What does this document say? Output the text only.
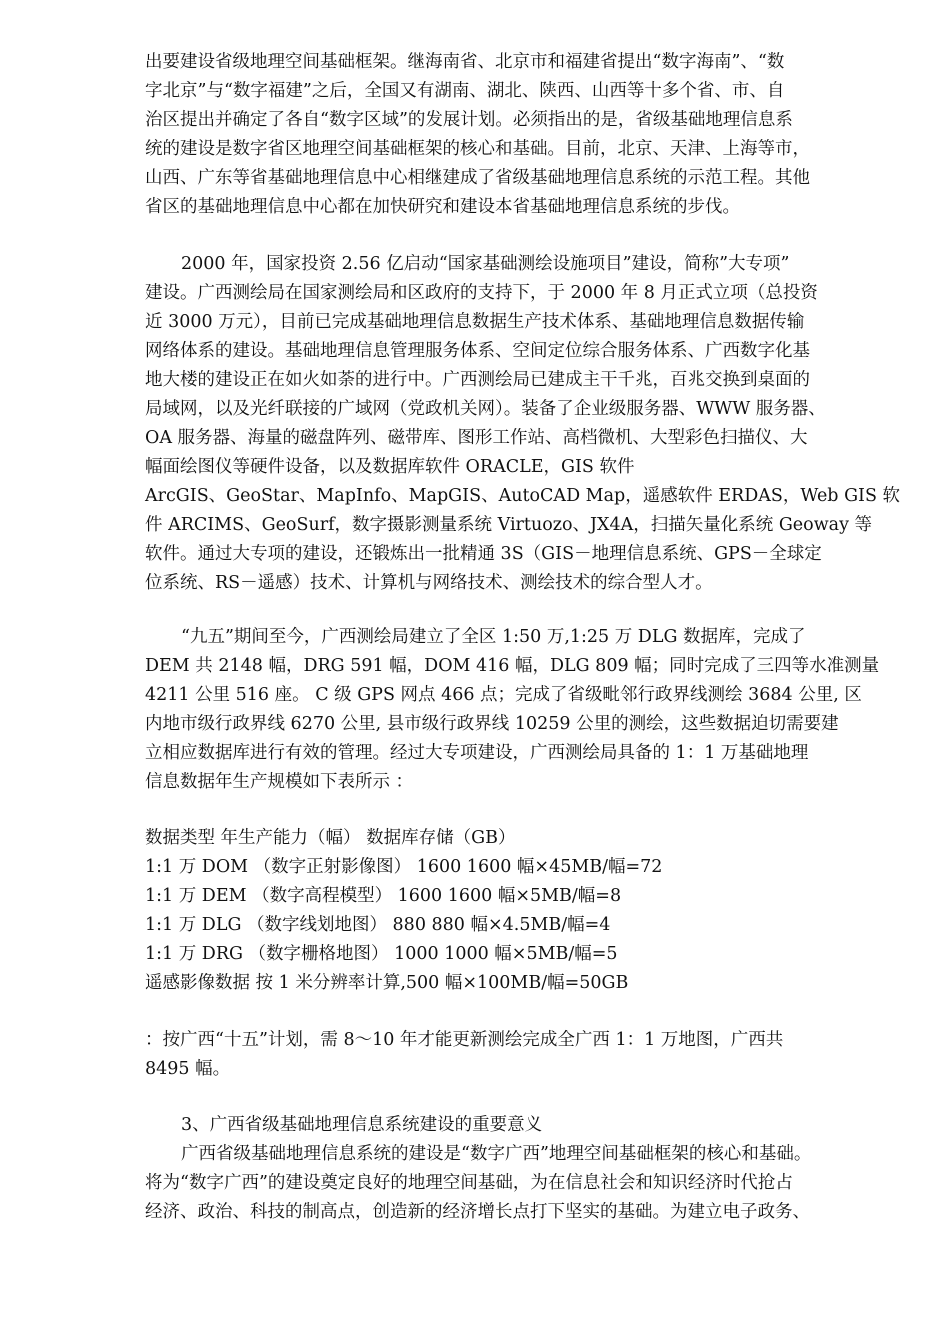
出要建设省级地理空间基础框架。继海南省、北京市和福建省提出“数字海南”、“数
字北京”与“数字福建”之后，全国又有湖南、湖北、陕西、山西等十多个省、市、自
治区提出并确定了各自“数字区域”的发展计划。必须指出的是，省级基础地理信息系
统的建设是数字省区地理空间基础框架的核心和基础。目前，北京、天津、上海等市，
山西、广东等省基础地理信息中心相继建成了省级基础地理信息系统的示范工程。其他
省区的基础地理信息中心都在加快研究和建设本省基础地理信息系统的步伐。
2000 年，国家投资 2.56 亿启动“国家基础测绘设施项目”建设，简称”大专项”
建设。广西测绘局在国家测绘局和区政府的支持下，于 2000 年 8 月正式立项（总投资
近 3000 万元），目前已完成基础地理信息数据生产技术体系、基础地理信息数据传输
网络体系的建设。基础地理信息管理服务体系、空间定位综合服务体系、广西数字化基
地大楼的建设正在如火如荼的进行中。广西测绘局已建成主干千兆，百兆交换到桌面的
局域网，以及光纤联接的广域网（党政机关网）。装备了企业级服务器、WWW 服务器、
OA 服务器、海量的磁盘阵列、磁带库、图形工作站、高档微机、大型彩色扫描仪、大
幅面绘图仪等硬件设备，以及数据库软件 ORACLE，GIS 软件
ArcGIS、GeoStar、MapInfo、MapGIS、AutoCAD Map，遥感软件 ERDAS，Web GIS 软
件 ARCIMS、GeoSurf，数字摄影测量系统 Virtuozo、JX4A，扫描矢量化系统 Geoway 等
软件。通过大专项的建设，还锻炼出一批精通 3S（GIS－地理信息系统、GPS－全球定
位系统、RS－遥感）技术、计算机与网络技术、测绘技术的综合型人才。
“九五”期间至今，广西测绘局建立了全区 1:50 万,1:25 万 DLG 数据库，完成了
DEM 共 2148 幅，DRG 591 幅，DOM 416 幅，DLG 809 幅；同时完成了三四等水准测量
4211 公里 516 座。 C 级 GPS 网点 466 点；完成了省级毗邻行政界线测绘 3684 公里, 区
内地市级行政界线 6270 公里, 县市级行政界线 10259 公里的测绘，这些数据迫切需要建
立相应数据库进行有效的管理。经过大专项建设，广西测绘局具备的 1：1 万基础地理
信息数据年生产规模如下表所示 ：
数据类型 年生产能力（幅） 数据库存储（GB）
1:1 万 DOM （数字正射影像图） 1600 1600 幅×45MB/幅=72
1:1 万 DEM （数字高程模型） 1600 1600 幅×5MB/幅=8
1:1 万 DLG （数字线划地图） 880 880 幅×4.5MB/幅=4
1:1 万 DRG （数字栅格地图） 1000 1000 幅×5MB/幅=5
遥感影像数据 按 1 米分辨率计算,500 幅×100MB/幅=50GB
：按广西“十五”计划，需 8～10 年才能更新测绘完成全广西 1：1 万地图，广西共
8495 幅。
3、广西省级基础地理信息系统建设的重要意义
广西省级基础地理信息系统的建设是“数字广西”地理空间基础框架的核心和基础。
将为“数字广西”的建设奠定良好的地理空间基础，为在信息社会和知识经济时代抢占
经济、政治、科技的制高点，创造新的经济增长点打下坚实的基础。为建立电子政务、
